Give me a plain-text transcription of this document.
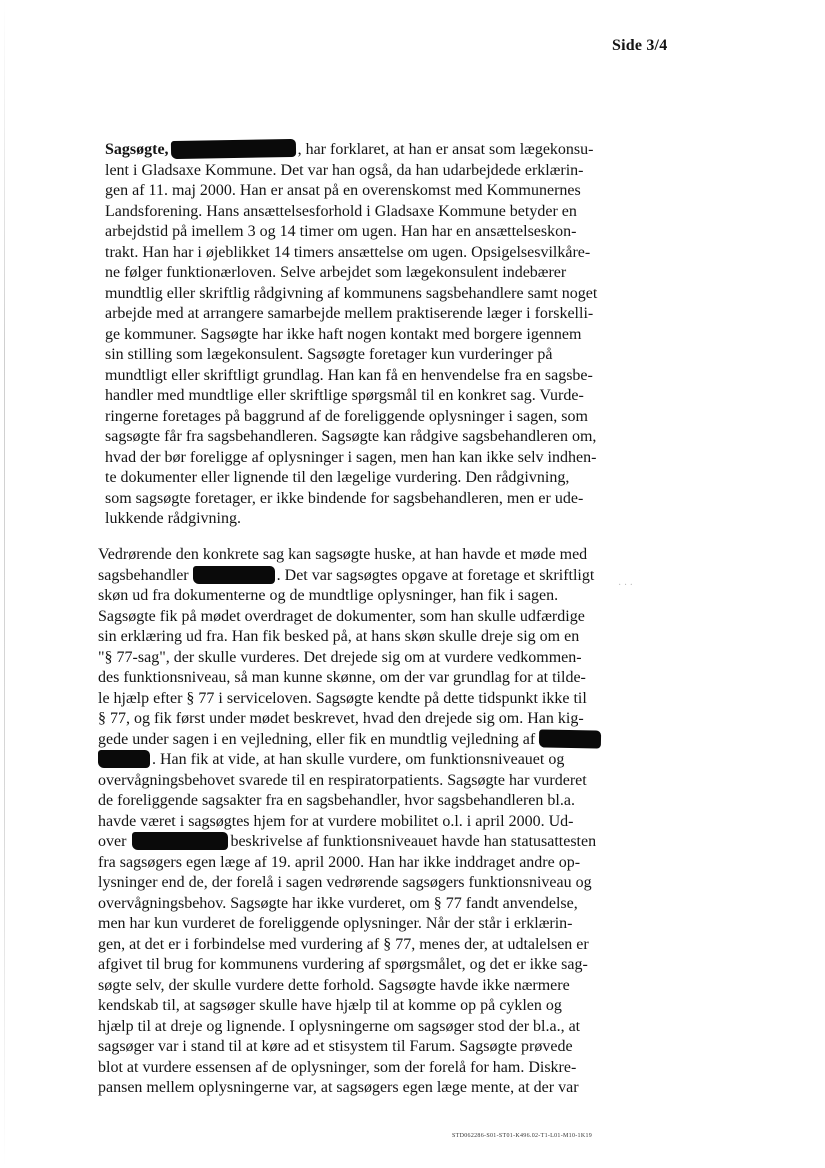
Side 3/4
Sagsøgte,	, har forklaret, at han er ansat som lægekonsu-
lent i Gladsaxe Kommune. Det var han også, da han udarbejdede erklærin-
gen af 11. maj 2000. Han er ansat på en overenskomst med Kommunernes
Landsforening. Hans ansættelsesforhold i Gladsaxe Kommune betyder en
arbejdstid på imellem 3 og 14 timer om ugen. Han har en ansættelseskon-
trakt. Han har i øjeblikket 14 timers ansættelse om ugen. Opsigelsesvilkåre-
ne følger funktionærloven. Selve arbejdet som lægekonsulent indebærer
mundtlig eller skriftlig rådgivning af kommunens sagsbehandlere samt noget
arbejde med at arrangere samarbejde mellem praktiserende læger i forskelli-
ge kommuner. Sagsøgte har ikke haft nogen kontakt med borgere igennem
sin stilling som lægekonsulent. Sagsøgte foretager kun vurderinger på
mundtligt eller skriftligt grundlag. Han kan få en henvendelse fra en sagsbe-
handler med mundtlige eller skriftlige spørgsmål til en konkret sag. Vurde-
ringerne foretages på baggrund af de foreliggende oplysninger i sagen, som
sagsøgte får fra sagsbehandleren. Sagsøgte kan rådgive sagsbehandleren om,
hvad der bør foreligge af oplysninger i sagen, men han kan ikke selv indhen-
te dokumenter eller lignende til den lægelige vurdering. Den rådgivning,
som sagsøgte foretager, er ikke bindende for sagsbehandleren, men er ude-
lukkende rådgivning.
Vedrørende den konkrete sag kan sagsøgte huske, at han havde et møde med
sagsbehandler	. Det var sagsøgtes opgave at foretage et skriftligt
skøn ud fra dokumenterne og de mundtlige oplysninger, han fik i sagen.
Sagsøgte fik på mødet overdraget de dokumenter, som han skulle udfærdige
sin erklæring ud fra. Han fik besked på, at hans skøn skulle dreje sig om en
"§ 77-sag", der skulle vurderes. Det drejede sig om at vurdere vedkommen-
des funktionsniveau, så man kunne skønne, om der var grundlag for at tilde-
le hjælp efter § 77 i serviceloven. Sagsøgte kendte på dette tidspunkt ikke til
§ 77, og fik først under mødet beskrevet, hvad den drejede sig om. Han kig-
gede under sagen i en vejledning, eller fik en mundtlig vejledning af
. Han fik at vide, at han skulle vurdere, om funktionsniveauet og
overvågningsbehovet svarede til en respiratorpatients. Sagsøgte har vurderet
de foreliggende sagsakter fra en sagsbehandler, hvor sagsbehandleren bl.a.
havde været i sagsøgtes hjem for at vurdere mobilitet o.l. i april 2000. Ud-
over	beskrivelse af funktionsniveauet havde han statusattesten
fra sagsøgers egen læge af 19. april 2000. Han har ikke inddraget andre op-
lysninger end de, der forelå i sagen vedrørende sagsøgers funktionsniveau og
overvågningsbehov. Sagsøgte har ikke vurderet, om § 77 fandt anvendelse,
men har kun vurderet de foreliggende oplysninger. Når der står i erklærin-
gen, at det er i forbindelse med vurdering af § 77, menes der, at udtalelsen er
afgivet til brug for kommunens vurdering af spørgsmålet, og det er ikke sag-
søgte selv, der skulle vurdere dette forhold. Sagsøgte havde ikke nærmere
kendskab til, at sagsøger skulle have hjælp til at komme op på cyklen og
hjælp til at dreje og lignende. I oplysningerne om sagsøger stod der bl.a., at
sagsøger var i stand til at køre ad et stisystem til Farum. Sagsøgte prøvede
blot at vurdere essensen af de oplysninger, som der forelå for ham. Diskre-
pansen mellem oplysningerne var, at sagsøgers egen læge mente, at der var
· · ·
STD062286-S01-ST01-K496.02-T1-L01-M10-1K19
